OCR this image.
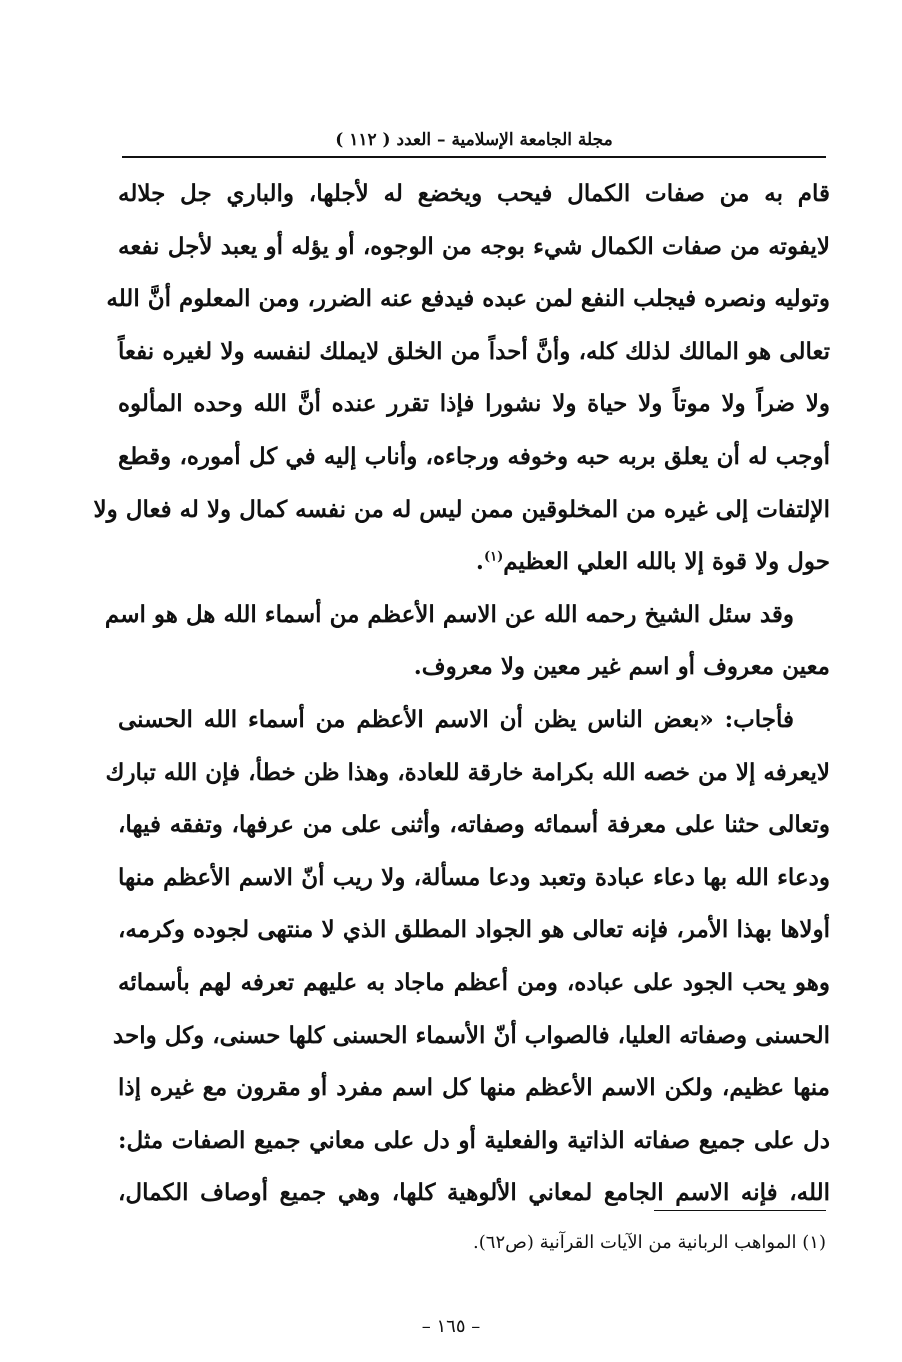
مجلة الجامعة الإسلامية – العدد ( ١١٢ )
قام به من صفات الكمال فيحب ويخضع له لأجلها، والباري جل جلاله
لايفوته من صفات الكمال شيء بوجه من الوجوه، أو يؤله أو يعبد لأجل نفعه
وتوليه ونصره فيجلب النفع لمن عبده فيدفع عنه الضرر، ومن المعلوم أنَّ الله
تعالى هو المالك لذلك كله، وأنَّ أحداً من الخلق لايملك لنفسه ولا لغيره نفعاً
ولا ضراً ولا موتاً ولا حياة ولا نشورا فإذا تقرر عنده أنَّ الله وحده المألوه
أوجب له أن يعلق بربه حبه وخوفه ورجاءه، وأناب إليه في كل أموره، وقطع
الإلتفات إلى غيره من المخلوقين ممن ليس له من نفسه كمال ولا له فعال ولا
حول ولا قوة إلا بالله العلي العظيم$^{(١)}$.
وقد سئل الشيخ رحمه الله عن الاسم الأعظم من أسماء الله هل هو اسم
معين معروف أو اسم غير معين ولا معروف.
فأجاب: «بعض الناس يظن أن الاسم الأعظم من أسماء الله الحسنى
لايعرفه إلا من خصه الله بكرامة خارقة للعادة، وهذا ظن خطأ، فإن الله تبارك
وتعالى حثنا على معرفة أسمائه وصفاته، وأثنى على من عرفها، وتفقه فيها،
ودعاء الله بها دعاء عبادة وتعبد ودعا مسألة، ولا ريب أنّ الاسم الأعظم منها
أولاها بهذا الأمر، فإنه تعالى هو الجواد المطلق الذي لا منتهى لجوده وكرمه،
وهو يحب الجود على عباده، ومن أعظم ماجاد به عليهم تعرفه لهم بأسمائه
الحسنى وصفاته العليا، فالصواب أنّ الأسماء الحسنى كلها حسنى، وكل واحد
منها عظيم، ولكن الاسم الأعظم منها كل اسم مفرد أو مقرون مع غيره إذا
دل على جميع صفاته الذاتية والفعلية أو دل على معاني جميع الصفات مثل:
الله، فإنه الاسم الجامع لمعاني الألوهية كلها، وهي جميع أوصاف الكمال،
(١) المواهب الربانية من الآيات القرآنية (ص٦٢).
– ١٦٥ –
